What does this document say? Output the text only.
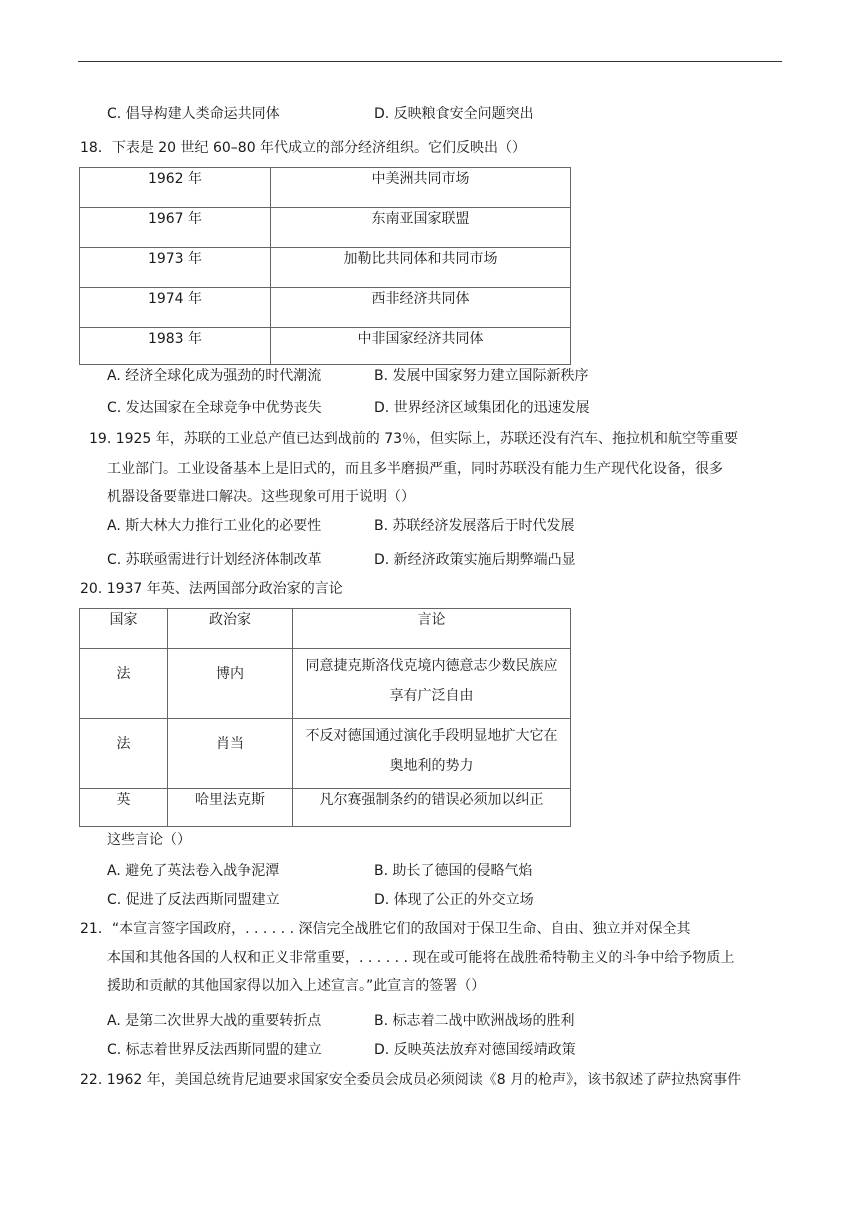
C. 倡导构建人类命运共同体	D. 反映粮食安全问题突出
18．下表是 20 世纪 60–80 年代成立的部分经济组织。它们反映出（）
1962 年	中美洲共同市场
1967 年	东南亚国家联盟
1973 年	加勒比共同体和共同市场
1974 年	西非经济共同体
1983 年	中非国家经济共同体
A. 经济全球化成为强劲的时代潮流	B. 发展中国家努力建立国际新秩序
C. 发达国家在全球竞争中优势丧失	D. 世界经济区域集团化的迅速发展
19. 1925 年，苏联的工业总产值已达到战前的 73％，但实际上，苏联还没有汽车、拖拉机和航空等重要
工业部门。工业设备基本上是旧式的，而且多半磨损严重，同时苏联没有能力生产现代化设备，很多
机器设备要靠进口解决。这些现象可用于说明（）
A. 斯大林大力推行工业化的必要性	B. 苏联经济发展落后于时代发展
C. 苏联亟需进行计划经济体制改革	D. 新经济政策实施后期弊端凸显
20. 1937 年英、法两国部分政治家的言论
国家	政治家	言论
法	博内	同意捷克斯洛伐克境内德意志少数民族应
享有广泛自由

法	肖当	不反对德国通过演化手段明显地扩大它在
奥地利的势力

英	哈里法克斯	凡尔赛强制条约的错误必须加以纠正
这些言论（）
A. 避免了英法卷入战争泥潭	B. 助长了德国的侵略气焰
C. 促进了反法西斯同盟建立	D. 体现了公正的外交立场
21．“本宣言签字国政府，. . . . . . 深信完全战胜它们的敌国对于保卫生命、自由、独立并对保全其
本国和其他各国的人权和正义非常重要，. . . . . . 现在或可能将在战胜希特勒主义的斗争中给予物质上
援助和贡献的其他国家得以加入上述宣言。”此宣言的签署（）
A. 是第二次世界大战的重要转折点	B. 标志着二战中欧洲战场的胜利
C. 标志着世界反法西斯同盟的建立	D. 反映英法放弃对德国绥靖政策
22. 1962 年，美国总统肯尼迪要求国家安全委员会成员必须阅读《8 月的枪声》，该书叙述了萨拉热窝事件
